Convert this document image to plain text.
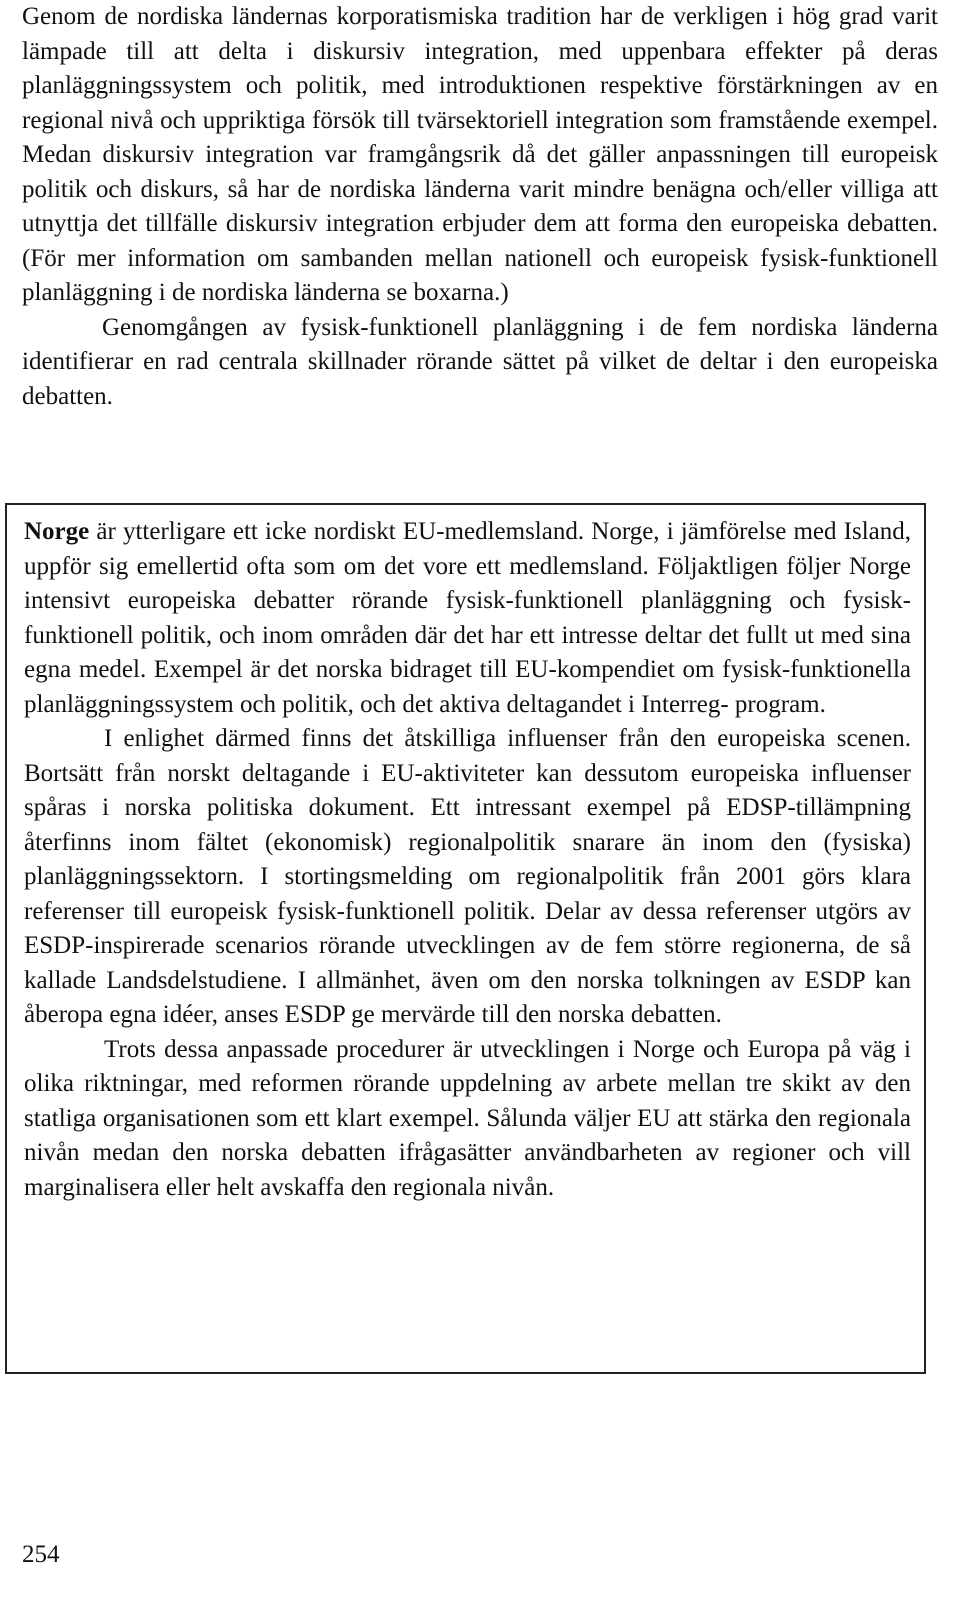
Genom de nordiska ländernas korporatismiska tradition har de verkligen i hög grad varit lämpade till att delta i diskursiv integration, med uppenbara effekter på deras planläggningssystem och politik, med introduktionen respektive förstärkningen av en regional nivå och uppriktiga försök till tvärsektoriell integration som framstående exempel. Medan diskursiv integration var framgångsrik då det gäller anpassningen till europeisk politik och diskurs, så har de nordiska länderna varit mindre benägna och/eller villiga att utnyttja det tillfälle diskursiv integration erbjuder dem att forma den europeiska debatten. (För mer information om sambanden mellan nationell och europeisk fysisk-funktionell planläggning i de nordiska länderna se boxarna.)

Genomgången av fysisk-funktionell planläggning i de fem nordiska länderna identifierar en rad centrala skillnader rörande sättet på vilket de deltar i den europeiska debatten.

Norge är ytterligare ett icke nordiskt EU-medlemsland. Norge, i jämförelse med Island, uppför sig emellertid ofta som om det vore ett medlemsland. Följaktligen följer Norge intensivt europeiska debatter rörande fysisk-funktionell planläggning och fysisk-funktionell politik, och inom områden där det har ett intresse deltar det fullt ut med sina egna medel. Exempel är det norska bidraget till EU-kompendiet om fysisk-funktionella planläggningssystem och politik, och det aktiva deltagandet i Interreg- program.

I enlighet därmed finns det åtskilliga influenser från den europeiska scenen. Bortsätt från norskt deltagande i EU-aktiviteter kan dessutom europeiska influenser spåras i norska politiska dokument. Ett intressant exempel på EDSP-tillämpning återfinns inom fältet (ekonomisk) regionalpolitik snarare än inom den (fysiska) planläggningssektorn. I stortingsmelding om regionalpolitik från 2001 görs klara referenser till europeisk fysisk-funktionell politik. Delar av dessa referenser utgörs av ESDP-inspirerade scenarios rörande utvecklingen av de fem större regionerna, de så kallade Landsdelstudiene. I allmänhet, även om den norska tolkningen av ESDP kan åberopa egna idéer, anses ESDP ge mervärde till den norska debatten.

Trots dessa anpassade procedurer är utvecklingen i Norge och Europa på väg i olika riktningar, med reformen rörande uppdelning av arbete mellan tre skikt av den statliga organisationen som ett klart exempel. Sålunda väljer EU att stärka den regionala nivån medan den norska debatten ifrågasätter användbarheten av regioner och vill marginalisera eller helt avskaffa den regionala nivån.

254
